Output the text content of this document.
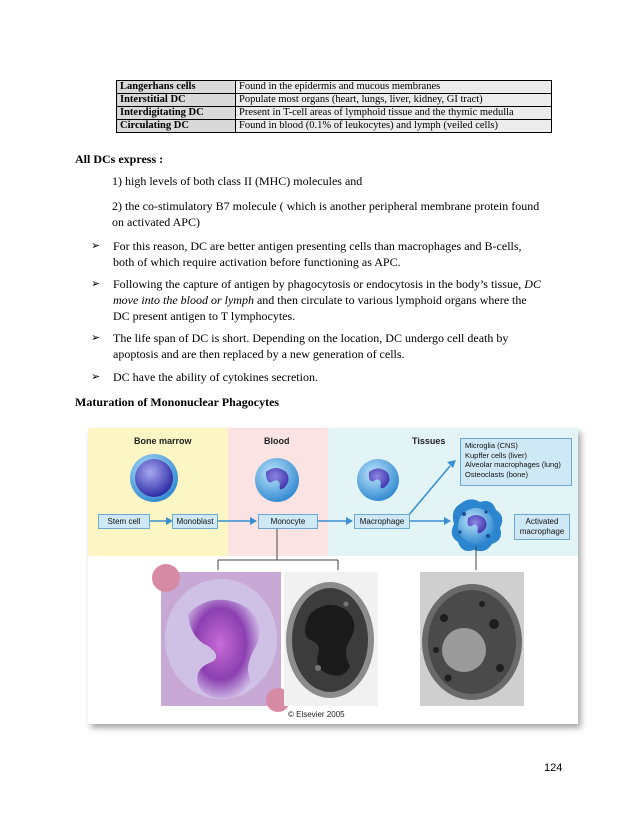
Langerhans cells	Found in the epidermis and mucous membranes
Interstitial DC	Populate most organs (heart, lungs, liver, kidney, GI tract)
Interdigitating DC	Present in T-cell areas of lymphoid tissue and the thymic medulla
Circulating DC	Found in blood (0.1% of leukocytes) and lymph (veiled cells)
All DCs express :
1) high levels of both class II (MHC) molecules and
2) the co-stimulatory B7 molecule ( which is another peripheral membrane protein found
on activated APC)
➢ For this reason, DC are better antigen presenting cells than macrophages and B-cells,
both of which require activation before functioning as APC.
➢ Following the capture of antigen by phagocytosis or endocytosis in the body’s tissue, DC
move into the blood or lymph and then circulate to various lymphoid organs where the
DC present antigen to T lymphocytes.
➢ The life span of DC is short. Depending on the location, DC undergo cell death by
apoptosis and are then replaced by a new generation of cells.
➢ DC have the ability of cytokines secretion.
Maturation of Mononuclear Phagocytes
Bone marrow	Blood	Tissues
Stem cell	Monoblast	Monocyte	Macrophage
Microglia (CNS)
Kupffer cells (liver)
Alveolar macrophages (lung)
Osteoclasts (bone)
Activated
macrophage
© Elsevier 2005
124
